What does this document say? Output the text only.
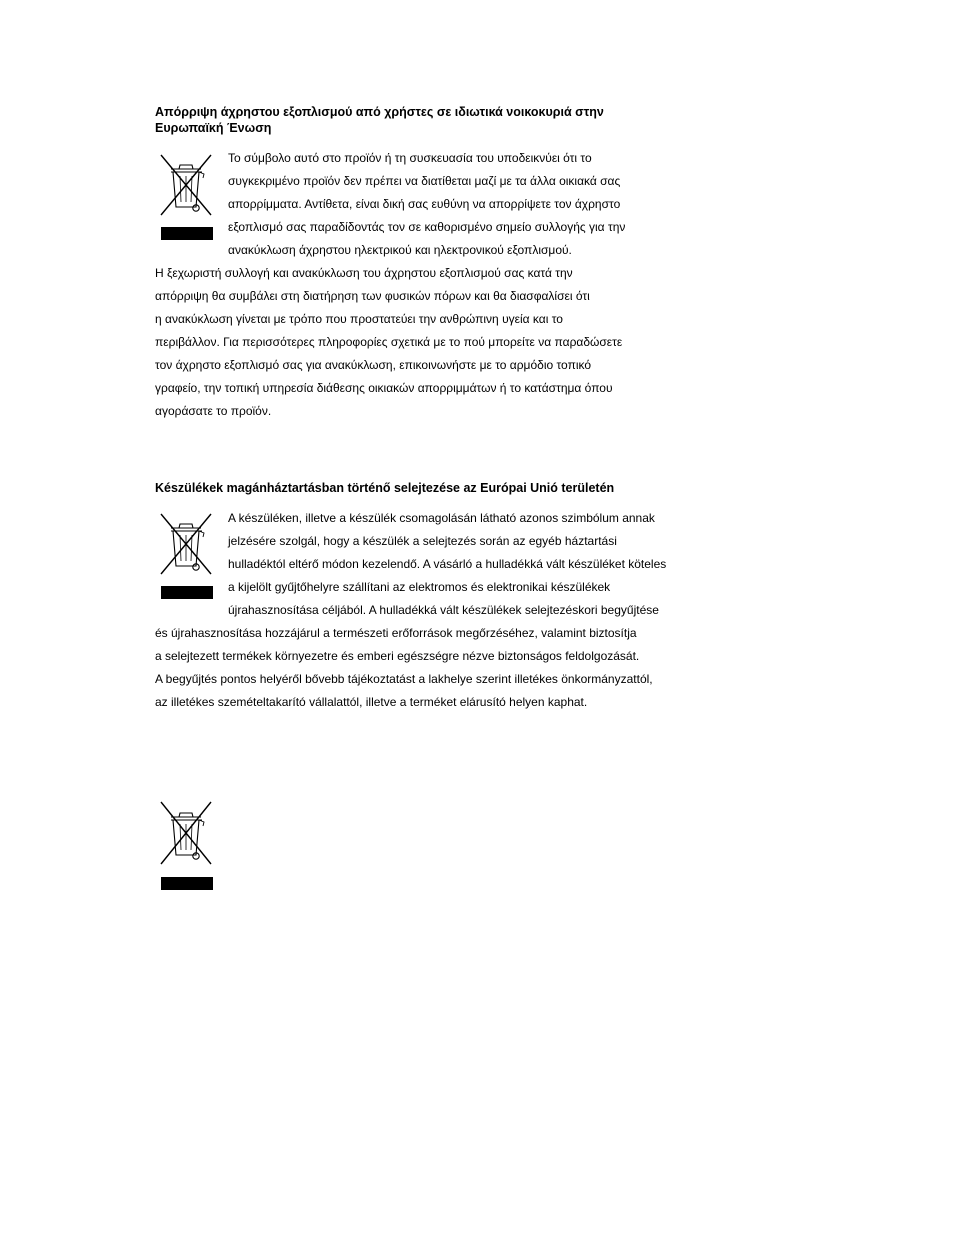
Απόρριψη άχρηστου εξοπλισμού από χρήστες σε ιδιωτικά νοικοκυριά στην
Ευρωπαϊκή Ένωση
Το σύμβολο αυτό στο προϊόν ή τη συσκευασία του υποδεικνύει ότι το
συγκεκριμένο προϊόν δεν πρέπει να διατίθεται μαζί με τα άλλα οικιακά σας
απορρίμματα. Αντίθετα, είναι δική σας ευθύνη να απορρίψετε τον άχρηστο
εξοπλισμό σας παραδίδοντάς τον σε καθορισμένο σημείο συλλογής για την
ανακύκλωση άχρηστου ηλεκτρικού και ηλεκτρονικού εξοπλισμού.
Η ξεχωριστή συλλογή και ανακύκλωση του άχρηστου εξοπλισμού σας κατά την
απόρριψη θα συμβάλει στη διατήρηση των φυσικών πόρων και θα διασφαλίσει ότι
η ανακύκλωση γίνεται με τρόπο που προστατεύει την ανθρώπινη υγεία και το
περιβάλλον. Για περισσότερες πληροφορίες σχετικά με το πού μπορείτε να παραδώσετε
τον άχρηστο εξοπλισμό σας για ανακύκλωση, επικοινωνήστε με το αρμόδιο τοπικό
γραφείο, την τοπική υπηρεσία διάθεσης οικιακών απορριμμάτων ή το κατάστημα όπου
αγοράσατε το προϊόν.
Készülékek magánháztartásban történő selejtezése az Európai Unió területén
A készüléken, illetve a készülék csomagolásán látható azonos szimbólum annak
jelzésére szolgál, hogy a készülék a selejtezés során az egyéb háztartási
hulladéktól eltérő módon kezelendő. A vásárló a hulladékká vált készüléket köteles
a kijelölt gyűjtőhelyre szállítani az elektromos és elektronikai készülékek
újrahasznosítása céljából. A hulladékká vált készülékek selejtezéskori begyűjtése
és újrahasznosítása hozzájárul a természeti erőforrások megőrzéséhez, valamint biztosítja
a selejtezett termékek környezetre és emberi egészségre nézve biztonságos feldolgozását.
A begyűjtés pontos helyéről bővebb tájékoztatást a lakhelye szerint illetékes önkormányzattól,
az illetékes szemételtakarító vállalattól, illetve a terméket elárusító helyen kaphat.
